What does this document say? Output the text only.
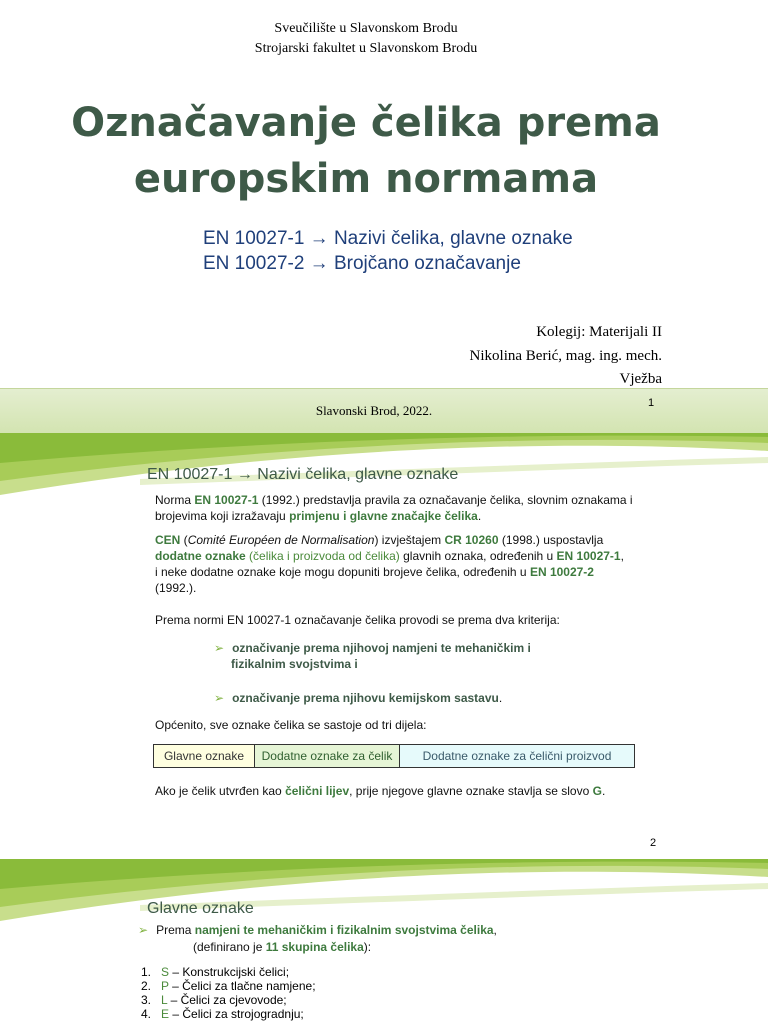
Sveučilište u Slavonskom Brodu
Strojarski fakultet u Slavonskom Brodu
Označavanje čelika prema
europskim normama
EN 10027-1 → Nazivi čelika, glavne oznake
EN 10027-2 → Brojčano označavanje
Kolegij: Materijali II
Nikolina Berić, mag. ing. mech.
Vježba
Slavonski Brod, 2022.	1
EN 10027-1 → Nazivi čelika, glavne oznake
Norma EN 10027-1 (1992.) predstavlja pravila za označavanje čelika, slovnim oznakama i
brojevima koji izražavaju primjenu i glavne značajke čelika.
CEN (Comité Européen de Normalisation) izvještajem CR 10260 (1998.) uspostavlja
dodatne oznake (čelika i proizvoda od čelika) glavnih oznaka, određenih u EN 10027-1,
i neke dodatne oznake koje mogu dopuniti brojeve čelika, određenih u EN 10027-2
(1992.).
Prema normi EN 10027-1 označavanje čelika provodi se prema dva kriterija:
➢ označivanje prema njihovoj namjeni te mehaničkim i
fizikalnim svojstvima i
➢ označivanje prema njihovu kemijskom sastavu.
Općenito, sve oznake čelika se sastoje od tri dijela:
Glavne oznake	Dodatne oznake za čelik	Dodatne oznake za čelični proizvod
Ako je čelik utvrđen kao čelični lijev, prije njegove glavne oznake stavlja se slovo G.
2
Glavne oznake
➢ Prema namjeni te mehaničkim i fizikalnim svojstvima čelika,
(definirano je 11 skupina čelika):
1. S – Konstrukcijski čelici;
2. P – Čelici za tlačne namjene;
3. L – Čelici za cjevovode;
4. E – Čelici za strojogradnju;
